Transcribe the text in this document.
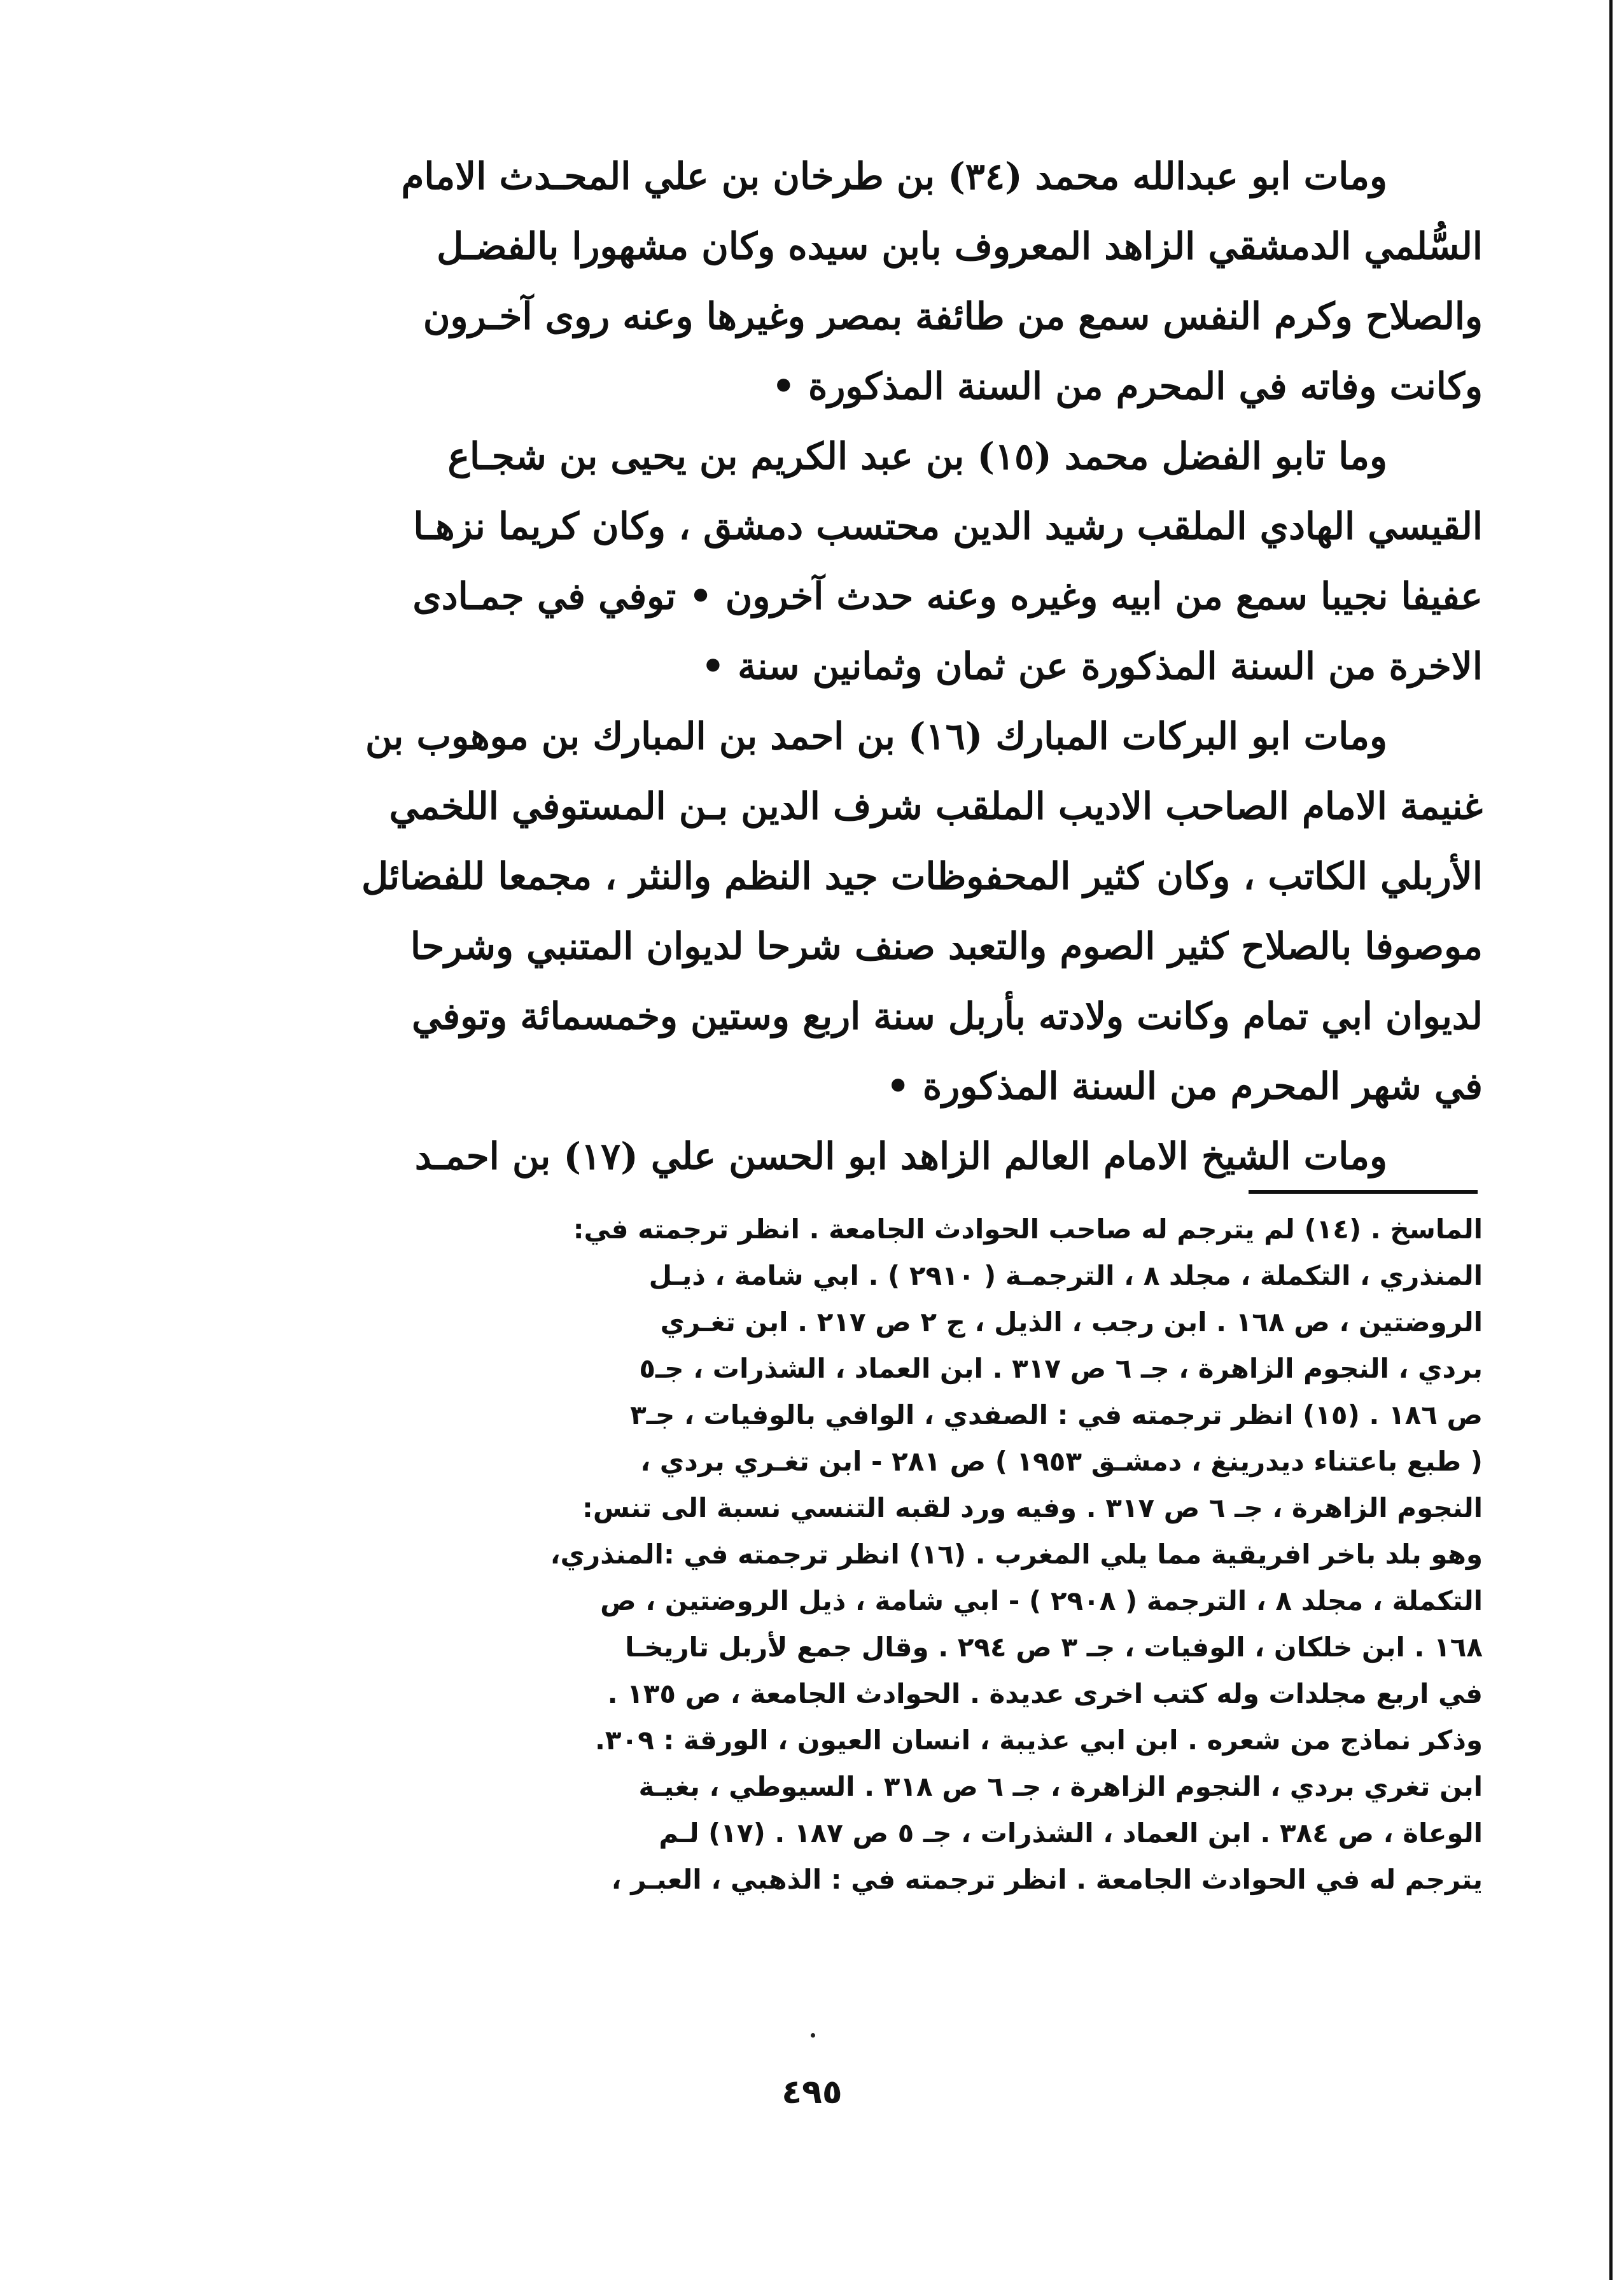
ومات ابو عبدالله محمد (٣٤) بن طرخان بن علي المحـدث الامام
السُّلمي الدمشقي الزاهد المعروف بابن سيده وكان مشهورا بالفضـل
والصلاح وكرم النفس سمع من طائفة بمصر وغيرها وعنه روى آخـرون
وكانت وفاته في المحرم من السنة المذكورة •
وما تابو الفضل محمد (١٥) بن عبد الكريم بن يحيى بن شجـاع
القيسي الهادي الملقب رشيد الدين محتسب دمشق ، وكان كريما نزهـا
عفيفا نجيبا سمع من ابيه وغيره وعنه حدث آخرون • توفي في جمـادى
الاخرة من السنة المذكورة عن ثمان وثمانين سنة •
ومات ابو البركات المبارك (١٦) بن احمد بن المبارك بن موهوب بن
غنيمة الامام الصاحب الاديب الملقب شرف الدين بـن المستوفي اللخمي
الأربلي الكاتب ، وكان كثير المحفوظات جيد النظم والنثر ، مجمعا للفضائل
موصوفا بالصلاح كثير الصوم والتعبد صنف شرحا لديوان المتنبي وشرحا
لديوان ابي تمام وكانت ولادته بأربل سنة اربع وستين وخمسمائة وتوفي
في شهر المحرم من السنة المذكورة •
ومات الشيخ الامام العالم الزاهد ابو الحسن علي (١٧) بن احمـد
الماسخ . (١٤) لم يترجم له صاحب الحوادث الجامعة . انظر ترجمته في:
المنذري ، التكملة ، مجلد ٨ ، الترجمـة ( ٢٩١٠ ) . ابي شامة ، ذيـل
الروضتين ، ص ١٦٨ . ابن رجب ، الذيل ، ج ٢ ص ٢١٧ . ابن تغـري
بردي ، النجوم الزاهرة ، جـ ٦ ص ٣١٧ . ابن العماد ، الشذرات ، جـ٥
ص ١٨٦ . (١٥) انظر ترجمته في : الصفدي ، الوافي بالوفيات ، جـ٣
( طبع باعتناء ديدرينغ ، دمشـق ١٩٥٣ ) ص ٢٨١ - ابن تغـري بردي ،
النجوم الزاهرة ، جـ ٦ ص ٣١٧ . وفيه ورد لقبه التنسي نسبة الى تنس:
وهو بلد باخر افريقية مما يلي المغرب . (١٦) انظر ترجمته في :المنذري،
التكملة ، مجلد ٨ ، الترجمة ( ٢٩٠٨ ) - ابي شامة ، ذيل الروضتين ، ص
١٦٨ . ابن خلكان ، الوفيات ، جـ ٣ ص ٢٩٤ . وقال جمع لأربل تاريخـا
في اربع مجلدات وله كتب اخرى عديدة . الحوادث الجامعة ، ص ١٣٥ .
وذكر نماذج من شعره . ابن ابي عذيبة ، انسان العيون ، الورقة : ٣٠٩.
ابن تغري بردي ، النجوم الزاهرة ، جـ ٦ ص ٣١٨ . السيوطي ، بغيـة
الوعاة ، ص ٣٨٤ . ابن العماد ، الشذرات ، جـ ٥ ص ١٨٧ . (١٧) لـم
يترجم له في الحوادث الجامعة . انظر ترجمته في : الذهبي ، العبـر ،
٤٩٥
